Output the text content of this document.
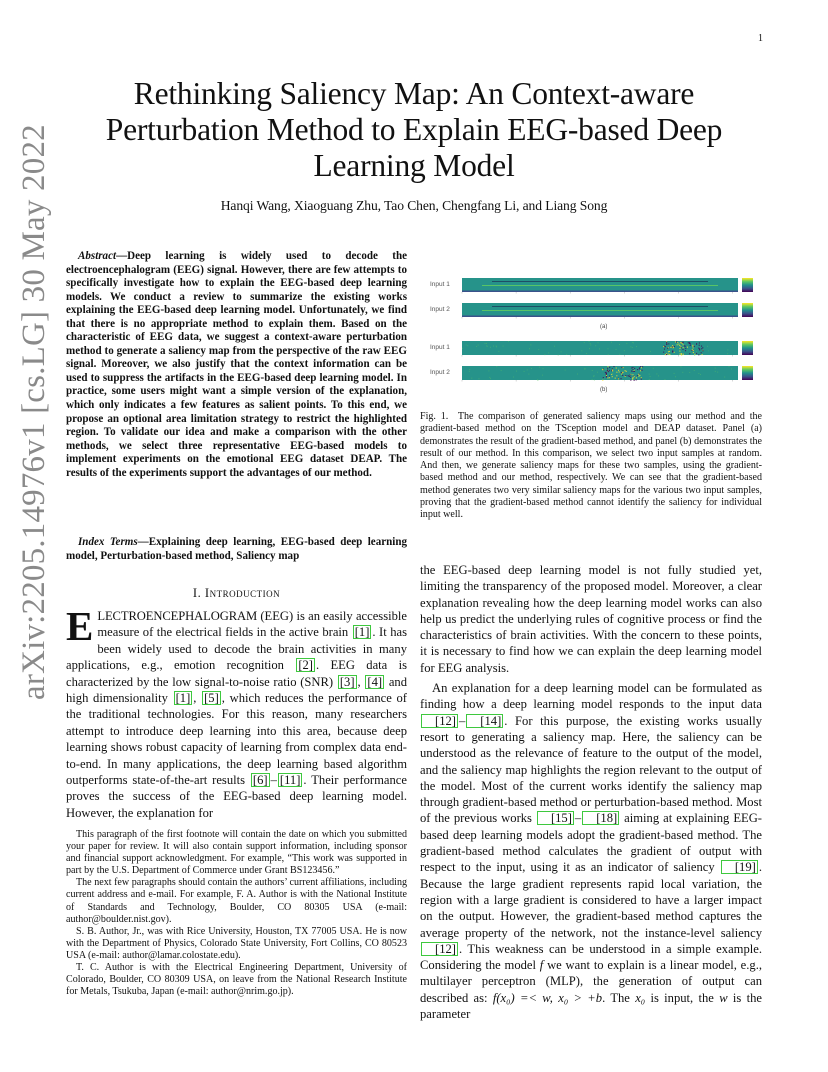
1
Rethinking Saliency Map: An Context-aware
Perturbation Method to Explain EEG-based Deep
Learning Model
Hanqi Wang, Xiaoguang Zhu, Tao Chen, Chengfang Li, and Liang Song
arXiv:2205.14976v1 [cs.LG] 30 May 2022	Abstract—Deep learning is widely used to decode the electroencephalogram (EEG) signal. However, there are few attempts to specifically investigate how to explain the EEG-based deep learning models. We conduct a review to summarize the existing works explaining the EEG-based deep learning model. Unfortunately, we find that there is no appropriate method to explain them. Based on the characteristic of EEG data, we suggest a context-aware perturbation method to generate a saliency map from the perspective of the raw EEG signal. Moreover, we also justify that the context information can be used to suppress the artifacts in the EEG-based deep learning model. In practice, some users might want a simple version of the explanation, which only indicates a few features as salient points. To this end, we propose an optional area limitation strategy to restrict the highlighted region. To validate our idea and make a comparison with the other methods, we select three representative EEG-based models to implement experiments on the emotional EEG dataset DEAP. The results of the experiments support the advantages of our method.

Index Terms—Explaining deep learning, EEG-based deep learning model, Perturbation-based method, Saliency map

I. Introduction

ELECTROENCEPHALOGRAM (EEG) is an easily accessible measure of the electrical fields in the active brain [1] . It has been widely used to decode the brain activities in many applications, e.g., emotion recognition [2] . EEG data is characterized by the low signal-to-noise ratio (SNR) [3] , [4] and high dimensionality [1] , [5] , which reduces the performance of the traditional technologies. For this reason, many researchers attempt to introduce deep learning into this area, because deep learning shows robust capacity of learning from complex data end-to-end. In many applications, the deep learning based algorithm outperforms state-of-the-art results [6] – [11] . Their performance proves the success of the EEG-based deep learning model. However, the explanation for

This paragraph of the first footnote will contain the date on which you submitted your paper for review. It will also contain support information, including sponsor and financial support acknowledgment. For example, “This work was supported in part by the U.S. Department of Commerce under Grant BS123456.”

The next few paragraphs should contain the authors’ current affiliations, including current address and e-mail. For example, F. A. Author is with the National Institute of Standards and Technology, Boulder, CO 80305 USA (e-mail: author@boulder.nist.gov).

S. B. Author, Jr., was with Rice University, Houston, TX 77005 USA. He is now with the Department of Physics, Colorado State University, Fort Collins, CO 80523 USA (e-mail: author@lamar.colostate.edu).

T. C. Author is with the Electrical Engineering Department, University of Colorado, Boulder, CO 80309 USA, on leave from the National Research Institute for Metals, Tsukuba, Japan (e-mail: author@nrim.go.jp).

Input 1
Input 2
Input 1
Input 2
(a)
(b)

Fig. 1. The comparison of generated saliency maps using our method and the gradient-based method on the TSception model and DEAP dataset. Panel (a) demonstrates the result of the gradient-based method, and panel (b) demonstrates the result of our method. In this comparison, we select two input samples at random. And then, we generate saliency maps for these two samples, using the gradient-based method and our method, respectively. We can see that the gradient-based method generates two very similar saliency maps for the various two input samples, proving that the gradient-based method cannot identify the saliency for individual input well.

the EEG-based deep learning model is not fully studied yet, limiting the transparency of the proposed model. Moreover, a clear explanation revealing how the deep learning model works can also help us predict the underlying rules of cognitive process or find the characteristics of brain activities. With the concern to these points, it is necessary to find how we can explain the deep learning model for EEG analysis.

An explanation for a deep learning model can be formulated as finding how a deep learning model responds to the input data [12] – [14] . For this purpose, the existing works usually resort to generating a saliency map. Here, the saliency can be understood as the relevance of feature to the output of the model, and the saliency map highlights the region relevant to the output of the model. Most of the current works identify the saliency map through gradient-based method or perturbation-based method. Most of the previous works [15] – [18] aiming at explaining EEG-based deep learning models adopt the gradient-based method. The gradient-based method calculates the gradient of output with respect to the input, using it as an indicator of saliency [19] . Because the large gradient represents rapid local variation, the region with a large gradient is considered to have a larger impact on the output. However, the gradient-based method captures the average property of the network, not the instance-level saliency [12] . This weakness can be understood in a simple example. Considering the model f we want to explain is a linear model, e.g., multilayer perceptron (MLP), the generation of output can described as: f(x₀) =< w, x₀ > +b. The x₀ is input, the w is the parameter
